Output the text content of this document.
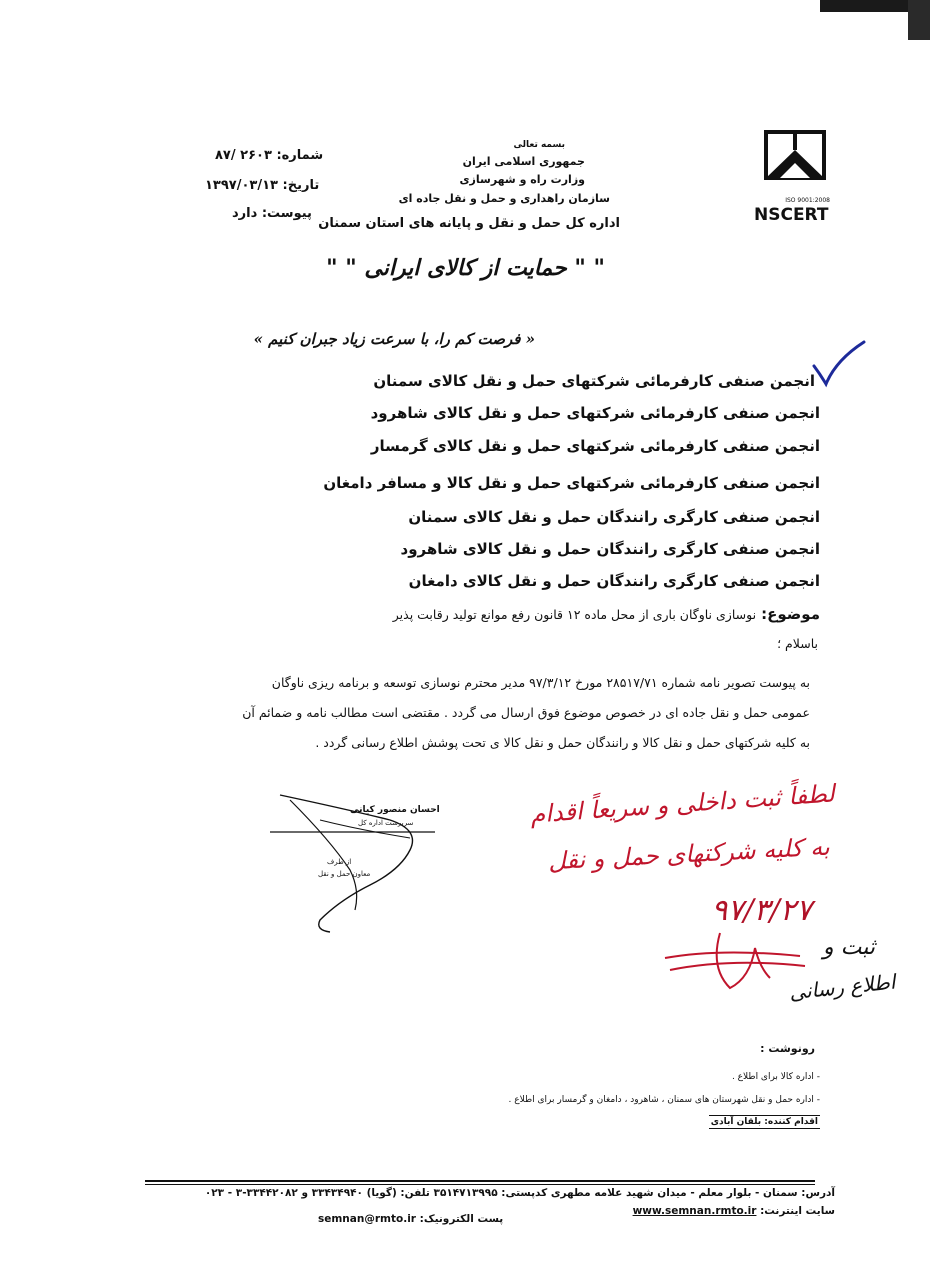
NSCERT
ISO 9001:2008
بسمه تعالی
جمهوری اسلامی ایران
وزارت راه و شهرسازی
سازمان راهداری و حمل و نقل جاده ای
اداره کل حمل و نقل و پایانه های استان سمنان
شماره: ۲۶۰۳ /۸۷
تاریخ: ۱۳۹۷/۰۳/۱۳
پیوست: دارد
" " حمایت از کالای ایرانی " "
« فرصت کم را، با سرعت زیاد جبران کنیم »
انجمن صنفی کارفرمائی شرکتهای حمل و نقل کالای سمنان
انجمن صنفی کارفرمائی شرکتهای حمل و نقل کالای شاهرود
انجمن صنفی کارفرمائی شرکتهای حمل و نقل کالای گرمسار
انجمن صنفی کارفرمائی شرکتهای حمل و نقل کالا و مسافر دامغان
انجمن صنفی کارگری رانندگان حمل و نقل کالای سمنان
انجمن صنفی کارگری رانندگان حمل و نقل کالای شاهرود
انجمن صنفی کارگری رانندگان حمل و نقل کالای دامغان
موضوع: نوسازی ناوگان باری از محل ماده ۱۲ قانون رفع موانع تولید رقابت پذیر
باسلام ؛
به پیوست تصویر نامه شماره ۲۸۵۱۷/۷۱ مورخ ۹۷/۳/۱۲ مدیر محترم نوسازی توسعه و برنامه ریزی ناوگان
عمومی حمل و نقل جاده ای در خصوص موضوع فوق ارسال می گردد . مقتضی است مطالب نامه و ضمائم آن
به کلیه شرکتهای حمل و نقل کالا و رانندگان حمل و نقل کالا ی تحت پوشش اطلاع رسانی گردد .
احسان منصور کیانی
سرپرست اداره کل
از طرف
معاون حمل و نقل
لطفاً ثبت داخلی و سریعاً اقدام
به کلیه شرکتهای حمل و نقل
۹۷/۳/۲۷
ثبت و
اطلاع رسانی
رونوشت :
- اداره کالا برای اطلاع .
- اداره حمل و نقل شهرستان های سمنان ، شاهرود ، دامغان و گرمسار برای اطلاع .
اقدام کننده: بلقان آبادی
آدرس: سمنان - بلوار معلم - میدان شهید علامه مطهری کدپستی: ۳۵۱۴۷۱۳۹۹۵ تلفن: (گویا) ۳۳۴۳۴۹۴۰ و ۳۳۴۴۲۰۸۲-۳ - ۰۲۳
سایت اینترنت: www.semnan.rmto.ir
پست الکترونیک: semnan@rmto.ir
